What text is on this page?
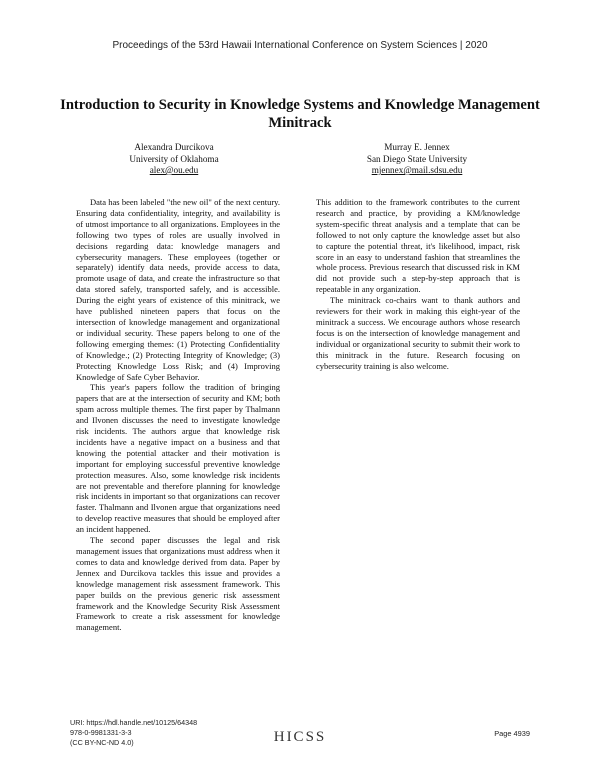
Proceedings of the 53rd Hawaii International Conference on System Sciences | 2020
Introduction to Security in Knowledge Systems and Knowledge Management
Minitrack
Alexandra Durcikova
University of Oklahoma
alex@ou.edu
Murray E. Jennex
San Diego State University
mjennex@mail.sdsu.edu

Data has been labeled "the new oil" of the next century. Ensuring data confidentiality, integrity, and availability is of utmost importance to all organizations. Employees in the following two types of roles are usually involved in decisions regarding data: knowledge managers and cybersecurity managers. These employees (together or separately) identify data needs, provide access to data, promote usage of data, and create the infrastructure so that data stored safely, transported safely, and is accessible. During the eight years of existence of this minitrack, we have published nineteen papers that focus on the intersection of knowledge management and organizational or individual security. These papers belong to one of the following emerging themes: (1) Protecting Confidentiality of Knowledge.; (2) Protecting Integrity of Knowledge; (3) Protecting Knowledge Loss Risk; and (4) Improving Knowledge of Safe Cyber Behavior.

This year's papers follow the tradition of bringing papers that are at the intersection of security and KM; both spam across multiple themes. The first paper by Thalmann and Ilvonen discusses the need to investigate knowledge risk incidents. The authors argue that knowledge risk incidents have a negative impact on a business and that knowing the potential attacker and their motivation is important for employing successful preventive knowledge protection measures. Also, some knowledge risk incidents are not preventable and therefore planning for knowledge risk incidents in important so that organizations can recover faster. Thalmann and Ilvonen argue that organizations need to develop reactive measures that should be employed after an incident happened.

The second paper discusses the legal and risk management issues that organizations must address when it comes to data and knowledge derived from data. Paper by Jennex and Durcikova tackles this issue and provides a knowledge management risk assessment framework. This paper builds on the previous generic risk assessment framework and the Knowledge Security Risk Assessment Framework to create a risk assessment for knowledge management.

This addition to the framework contributes to the current research and practice, by providing a KM/knowledge system-specific threat analysis and a template that can be followed to not only capture the knowledge asset but also to capture the potential threat, it's likelihood, impact, risk score in an easy to understand fashion that streamlines the whole process. Previous research that discussed risk in KM did not provide such a step-by-step approach that is repeatable in any organization.

The minitrack co-chairs want to thank authors and reviewers for their work in making this eight-year of the minitrack a success. We encourage authors whose research focus is on the intersection of knowledge management and individual or organizational security to submit their work to this minitrack in the future. Research focusing on cybersecurity training is also welcome.

URI: https://hdl.handle.net/10125/64348
978-0-9981331-3-3
(CC BY-NC-ND 4.0)	HICSS	Page 4939
